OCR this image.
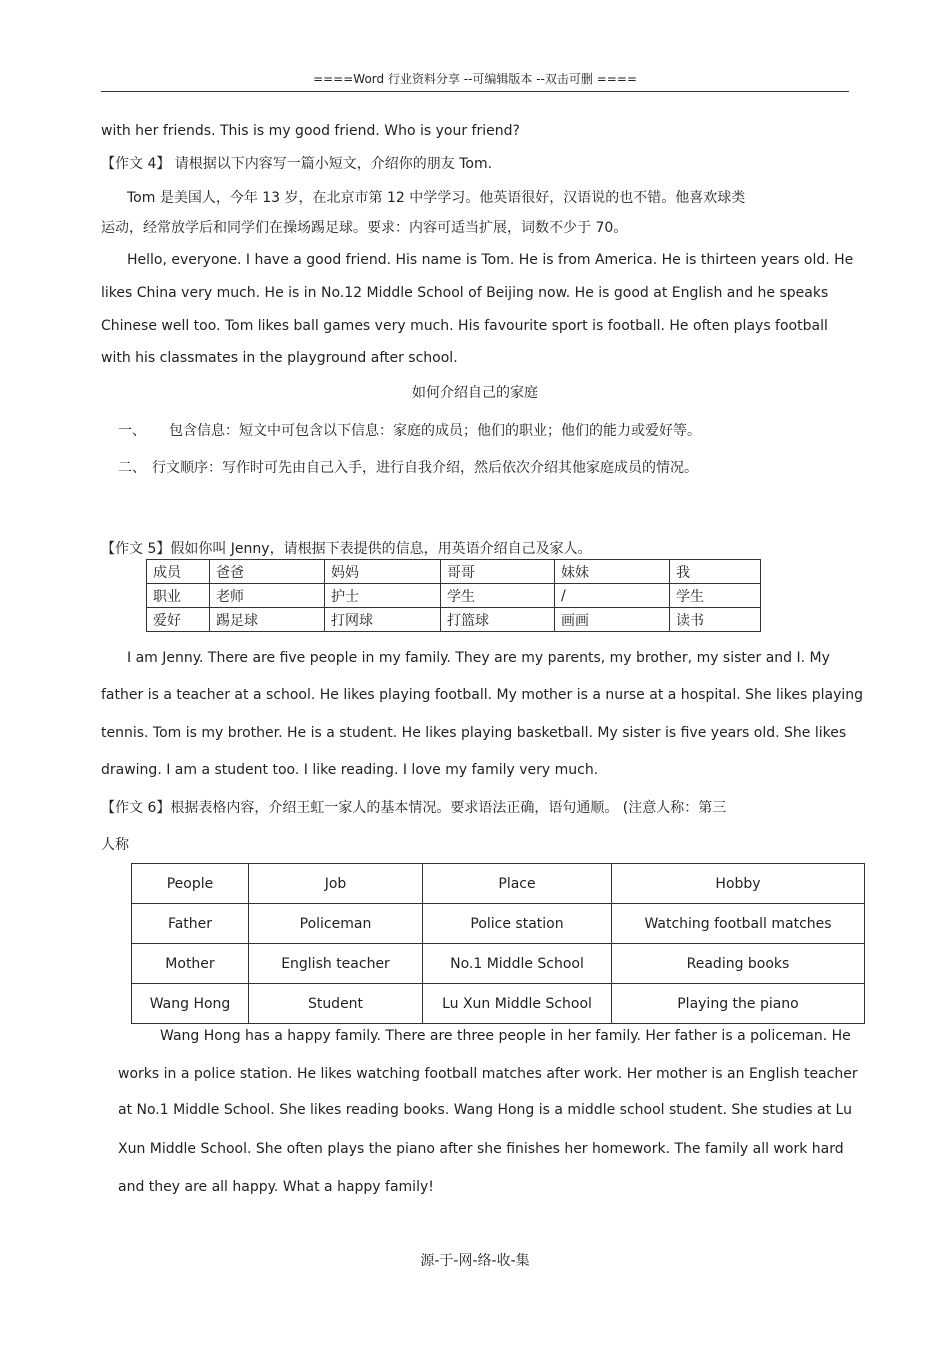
====Word 行业资料分享 --可编辑版本 --双击可删 ====
with her friends. This is my good friend. Who is your friend?
【作文 4】 请根据以下内容写一篇小短文，介绍你的朋友 Tom.
Tom 是美国人，今年 13 岁，在北京市第 12 中学学习。他英语很好，汉语说的也不错。他喜欢球类
运动，经常放学后和同学们在操场踢足球。要求：内容可适当扩展，词数不少于 70。
Hello, everyone. I have a good friend. His name is Tom. He is from America. He is thirteen years old. He
likes China very much. He is in No.12 Middle School of Beijing now. He is good at English and he speaks
Chinese well too. Tom likes ball games very much. His favourite sport is football. He often plays football
with his classmates in the playground after school.
如何介绍自己的家庭
一、 包含信息：短文中可包含以下信息：家庭的成员；他们的职业；他们的能力或爱好等。
二、 行文顺序：写作时可先由自己入手，进行自我介绍，然后依次介绍其他家庭成员的情况。
【作文 5】假如你叫 Jenny，请根据下表提供的信息，用英语介绍自己及家人。
成员	爸爸	妈妈	哥哥	妹妹	我
职业	老师	护士	学生	/	学生
爱好	踢足球	打网球	打篮球	画画	读书
I am Jenny. There are five people in my family. They are my parents, my brother, my sister and I. My
father is a teacher at a school. He likes playing football. My mother is a nurse at a hospital. She likes playing
tennis. Tom is my brother. He is a student. He likes playing basketball. My sister is five years old. She likes
drawing. I am a student too. I like reading. I love my family very much.
【作文 6】根据表格内容，介绍王虹一家人的基本情况。要求语法正确，语句通顺。 (注意人称：第三
人称
People	Job	Place	Hobby
Father	Policeman	Police station	Watching football matches
Mother	English teacher	No.1 Middle School	Reading books
Wang Hong	Student	Lu Xun Middle School	Playing the piano
Wang Hong has a happy family. There are three people in her family. Her father is a policeman. He
works in a police station. He likes watching football matches after work. Her mother is an English teacher
at No.1 Middle School. She likes reading books. Wang Hong is a middle school student. She studies at Lu
Xun Middle School. She often plays the piano after she finishes her homework. The family all work hard
and they are all happy. What a happy family!
源-于-网-络-收-集
